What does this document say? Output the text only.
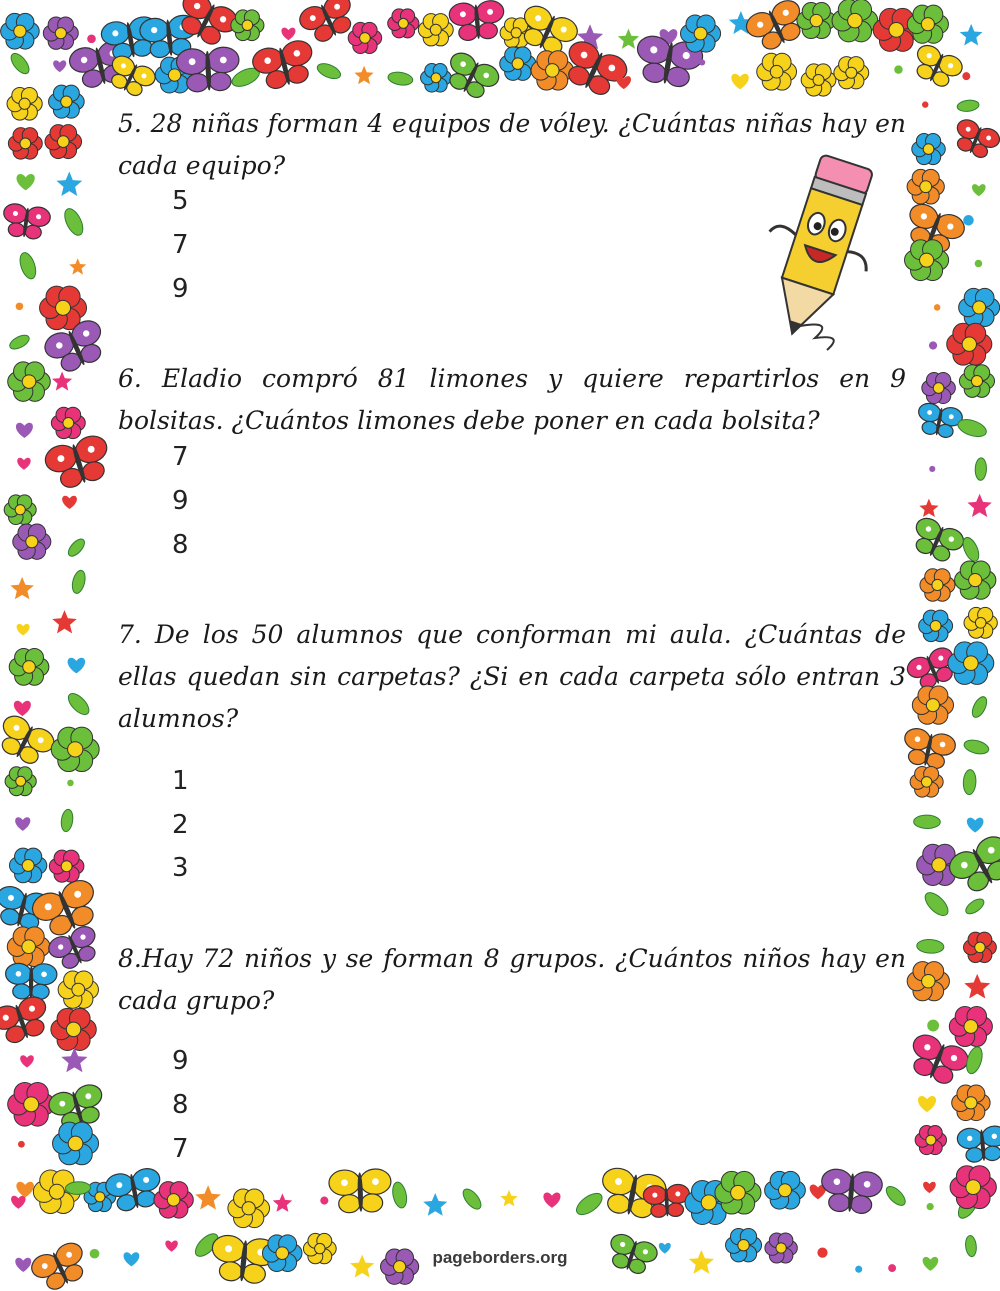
5. 28 niñas forman 4 equipos de vóley. ¿Cuántas niñas hay en cada equipo?

5
7
9

6. Eladio compró 81 limones y quiere repartirlos en 9 bolsitas. ¿Cuántos limones debe poner en cada bolsita?

7
9
8

7. De los 50 alumnos que conforman mi aula. ¿Cuántas de ellas quedan sin carpetas? ¿Si en cada carpeta sólo entran 3 alumnos?

1
2
3

8.Hay 72 niños y se forman 8 grupos. ¿Cuántos niños hay en cada grupo?

9
8
7
pageborders.org
